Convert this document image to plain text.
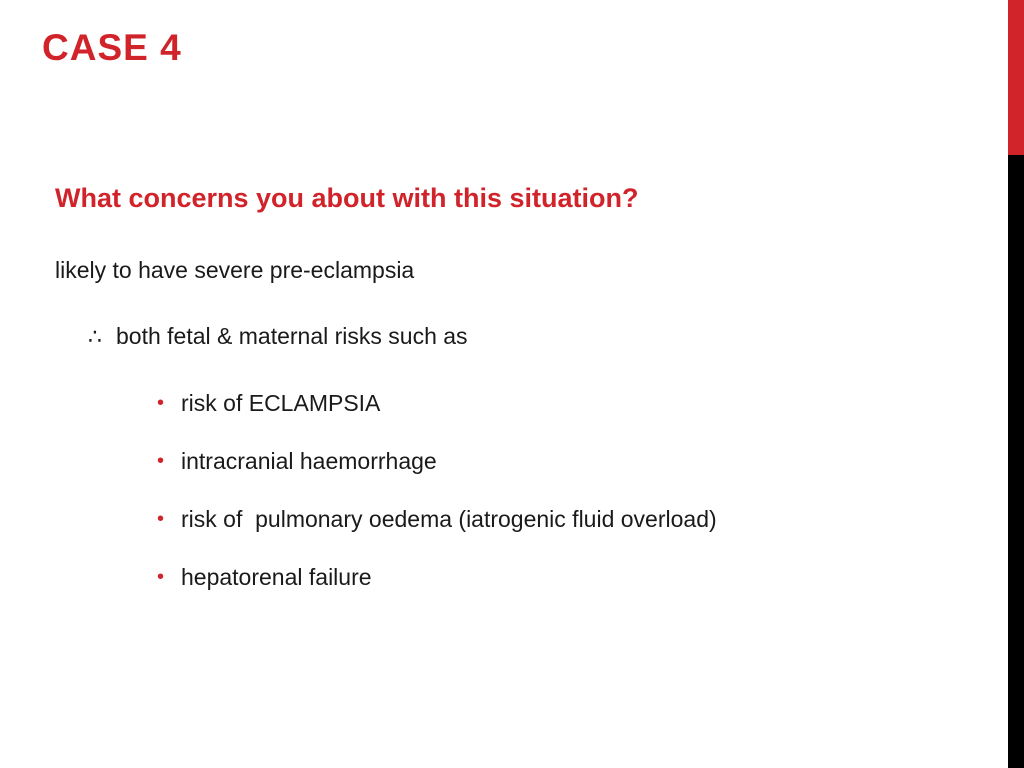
CASE 4
What concerns you about with this situation?
likely to have severe pre-eclampsia
∴ both fetal & maternal risks such as
• risk of ECLAMPSIA
• intracranial haemorrhage
• risk of  pulmonary oedema (iatrogenic fluid overload)
• hepatorenal failure
